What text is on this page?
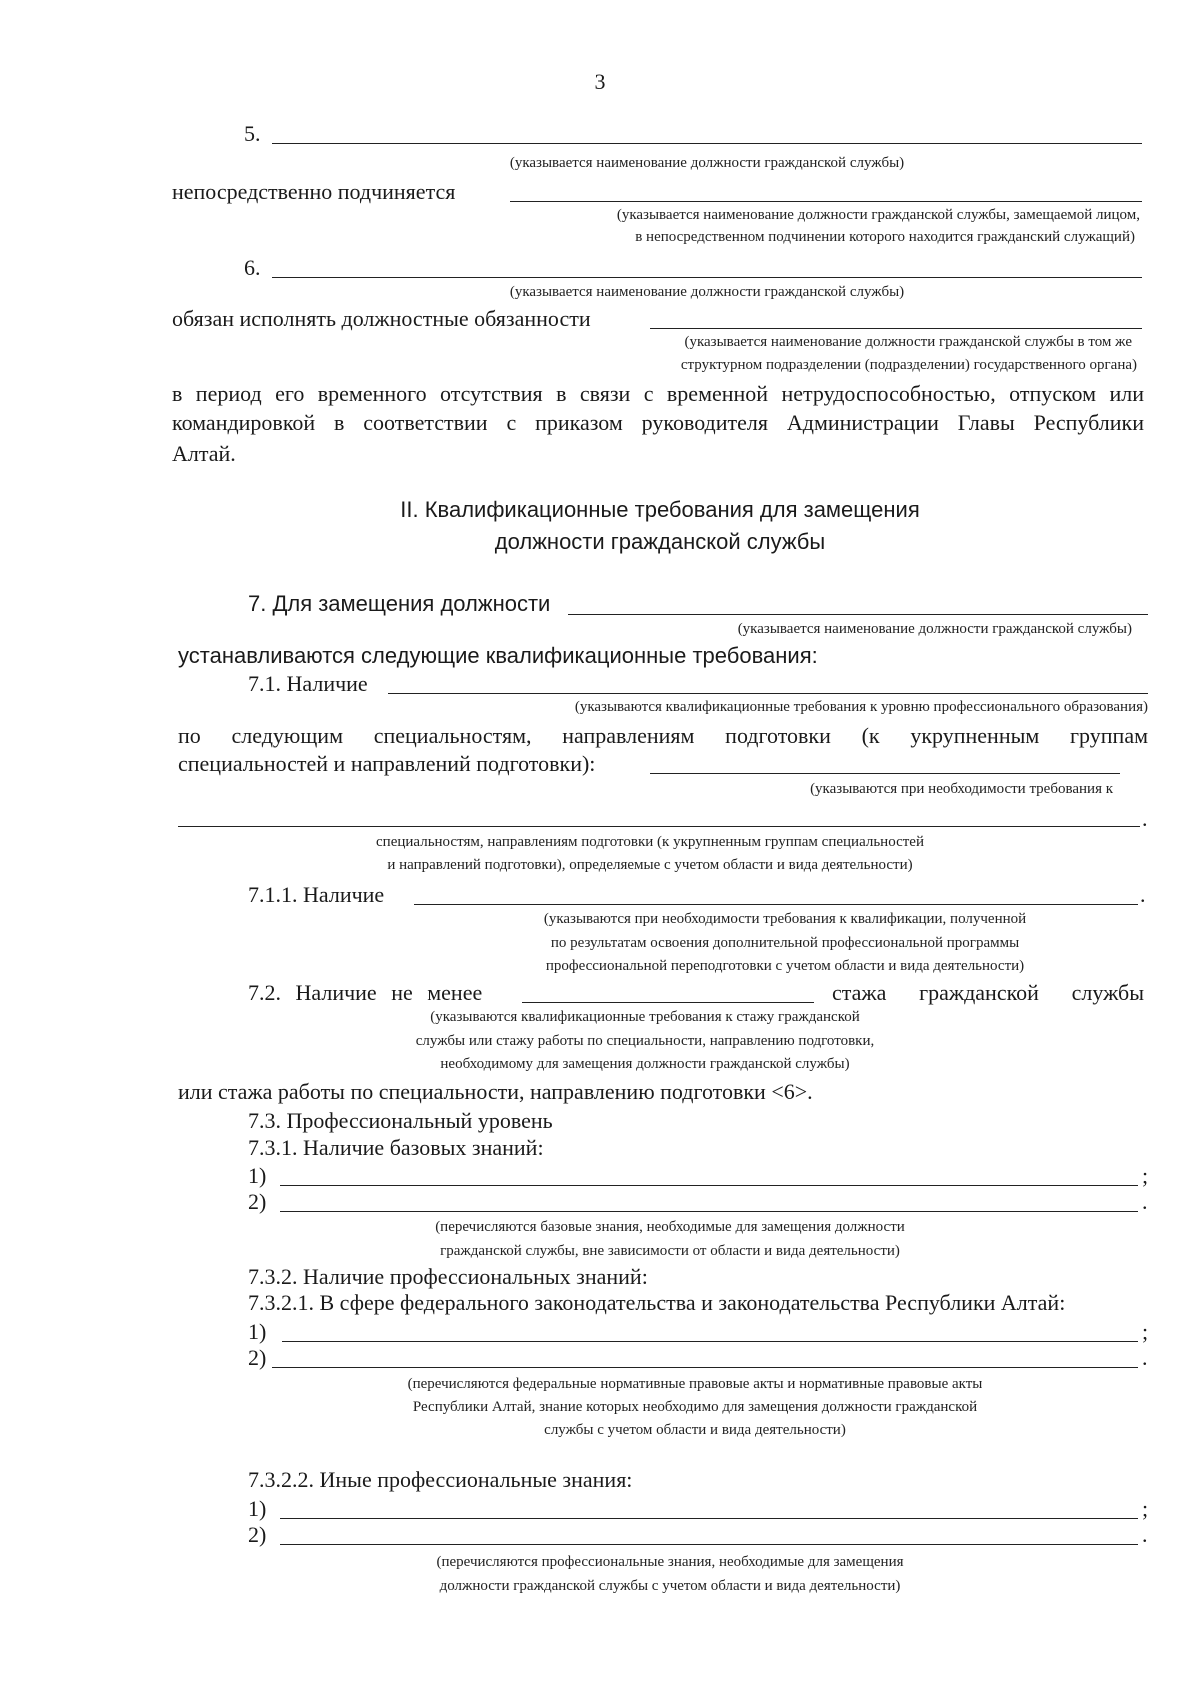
3
5.
(указывается наименование должности гражданской службы)
непосредственно подчиняется
(указывается наименование должности гражданской службы, замещаемой лицом,
в непосредственном подчинении которого находится гражданский служащий)
6.
(указывается наименование должности гражданской службы)
обязан исполнять должностные обязанности
(указывается наименование должности гражданской службы в том же
структурном подразделении (подразделении) государственного органа)
в период его временного отсутствия в связи с временной нетрудоспособностью, отпуском или
командировкой в соответствии с приказом руководителя Администрации Главы Республики
Алтай.
II. Квалификационные требования для замещения
должности гражданской службы
7. Для замещения должности
(указывается наименование должности гражданской службы)
устанавливаются следующие квалификационные требования:
7.1. Наличие
(указываются квалификационные требования к уровню профессионального образования)
по следующим специальностям, направлениям подготовки (к укрупненным группам
специальностей и направлений подготовки):
(указываются при необходимости требования к
.
специальностям, направлениям подготовки (к укрупненным группам специальностей
и направлений подготовки), определяемые с учетом области и вида деятельности)
7.1.1. Наличие	.
(указываются при необходимости требования к квалификации, полученной
по результатам освоения дополнительной профессиональной программы
профессиональной переподготовки с учетом области и вида деятельности)
7.2. Наличие не менее	стажа гражданской службы
(указываются квалификационные требования к стажу гражданской
службы или стажу работы по специальности, направлению подготовки,
необходимому для замещения должности гражданской службы)
или стажа работы по специальности, направлению подготовки <6>.
7.3. Профессиональный уровень
7.3.1. Наличие базовых знаний:
1)	;
2)	.
(перечисляются базовые знания, необходимые для замещения должности
гражданской службы, вне зависимости от области и вида деятельности)
7.3.2. Наличие профессиональных знаний:
7.3.2.1. В сфере федерального законодательства и законодательства Республики Алтай:
1)	;
2)	.
(перечисляются федеральные нормативные правовые акты и нормативные правовые акты
Республики Алтай, знание которых необходимо для замещения должности гражданской
службы с учетом области и вида деятельности)
7.3.2.2. Иные профессиональные знания:
1)	;
2)	.
(перечисляются профессиональные знания, необходимые для замещения
должности гражданской службы с учетом области и вида деятельности)
